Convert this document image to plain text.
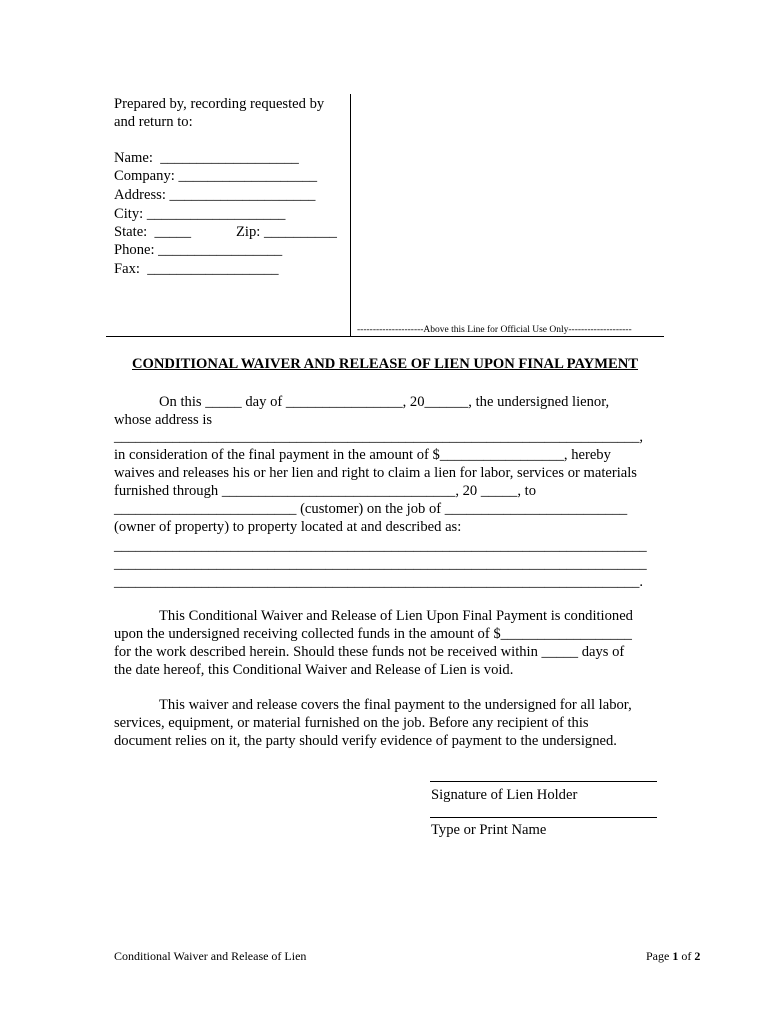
Prepared by, recording requested by
and return to:
Name:  ___________________
Company: ___________________
Address: ____________________
City: ___________________
State:  _____	Zip: __________
Phone: _________________
Fax:  __________________
---------------------Above this Line for Official Use Only--------------------
CONDITIONAL WAIVER AND RELEASE OF LIEN UPON FINAL PAYMENT
On this _____ day of ________________, 20______, the undersigned lienor,
whose address is
________________________________________________________________________,
in consideration of the final payment in the amount of $_________________, hereby
waives and releases his or her lien and right to claim a lien for labor, services or materials
furnished through ________________________________, 20 _____, to
_________________________ (customer) on the job of _________________________
(owner of property) to property located at and described as:
_________________________________________________________________________
_________________________________________________________________________
________________________________________________________________________.
This Conditional Waiver and Release of Lien Upon Final Payment is conditioned
upon the undersigned receiving collected funds in the amount of $__________________
for the work described herein. Should these funds not be received within _____ days of
the date hereof, this Conditional Waiver and Release of Lien is void.
This waiver and release covers the final payment to the undersigned for all labor,
services, equipment, or material furnished on the job. Before any recipient of this
document relies on it, the party should verify evidence of payment to the undersigned.
Signature of Lien Holder
Type or Print Name
Conditional Waiver and Release of Lien	Page 1 of 2
